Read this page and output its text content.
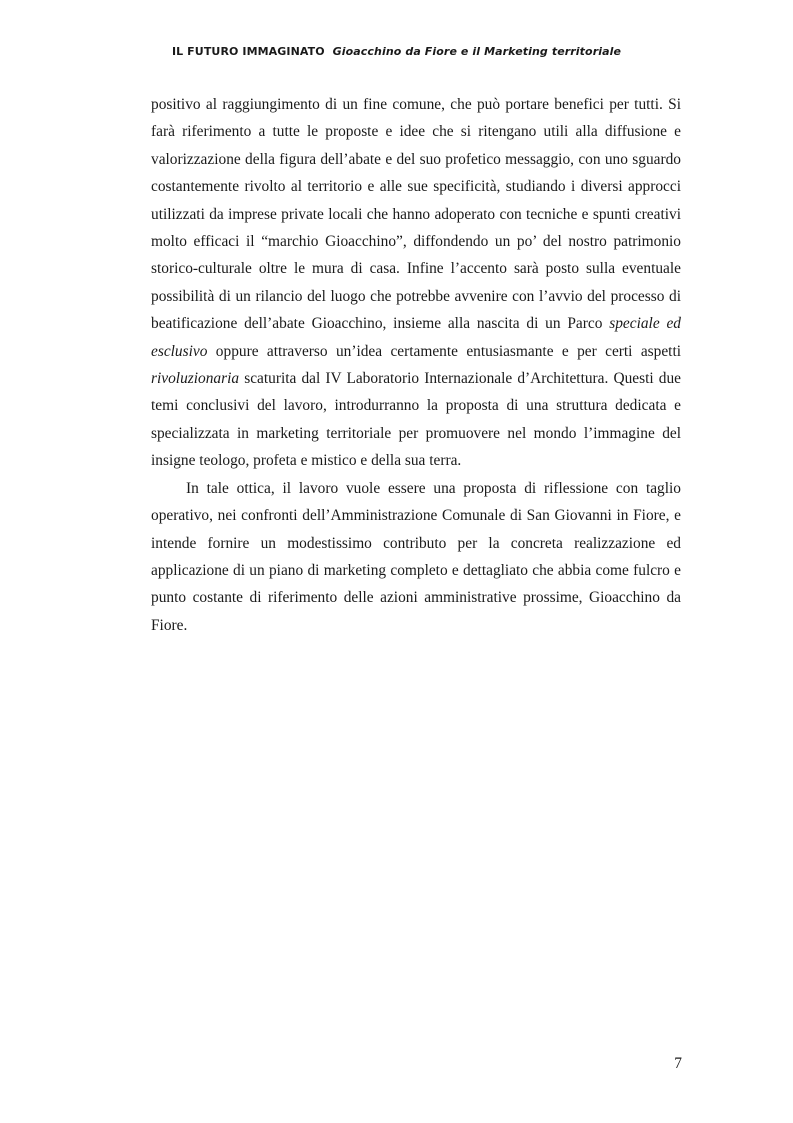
IL FUTURO IMMAGINATO Gioacchino da Fiore e il Marketing territoriale

positivo al raggiungimento di un fine comune, che può portare benefici per tutti. Si farà riferimento a tutte le proposte e idee che si ritengano utili alla diffusione e valorizzazione della figura dell’abate e del suo profetico messaggio, con uno sguardo costantemente rivolto al territorio e alle sue specificità, studiando i diversi approcci utilizzati da imprese private locali che hanno adoperato con tecniche e spunti creativi molto efficaci il “marchio Gioacchino”, diffondendo un po’ del nostro patrimonio storico-culturale oltre le mura di casa. Infine l’accento sarà posto sulla eventuale possibilità di un rilancio del luogo che potrebbe avvenire con l’avvio del processo di beatificazione dell’abate Gioacchino, insieme alla nascita di un Parco speciale ed esclusivo oppure attraverso un’idea certamente entusiasmante e per certi aspetti rivoluzionaria scaturita dal IV Laboratorio Internazionale d’Architettura. Questi due temi conclusivi del lavoro, introdurranno la proposta di una struttura dedicata e specializzata in marketing territoriale per promuovere nel mondo l’immagine del insigne teologo, profeta e mistico e della sua terra.

In tale ottica, il lavoro vuole essere una proposta di riflessione con taglio operativo, nei confronti dell’Amministrazione Comunale di San Giovanni in Fiore, e intende fornire un modestissimo contributo per la concreta realizzazione ed applicazione di un piano di marketing completo e dettagliato che abbia come fulcro e punto costante di riferimento delle azioni amministrative prossime, Gioacchino da Fiore.

7
